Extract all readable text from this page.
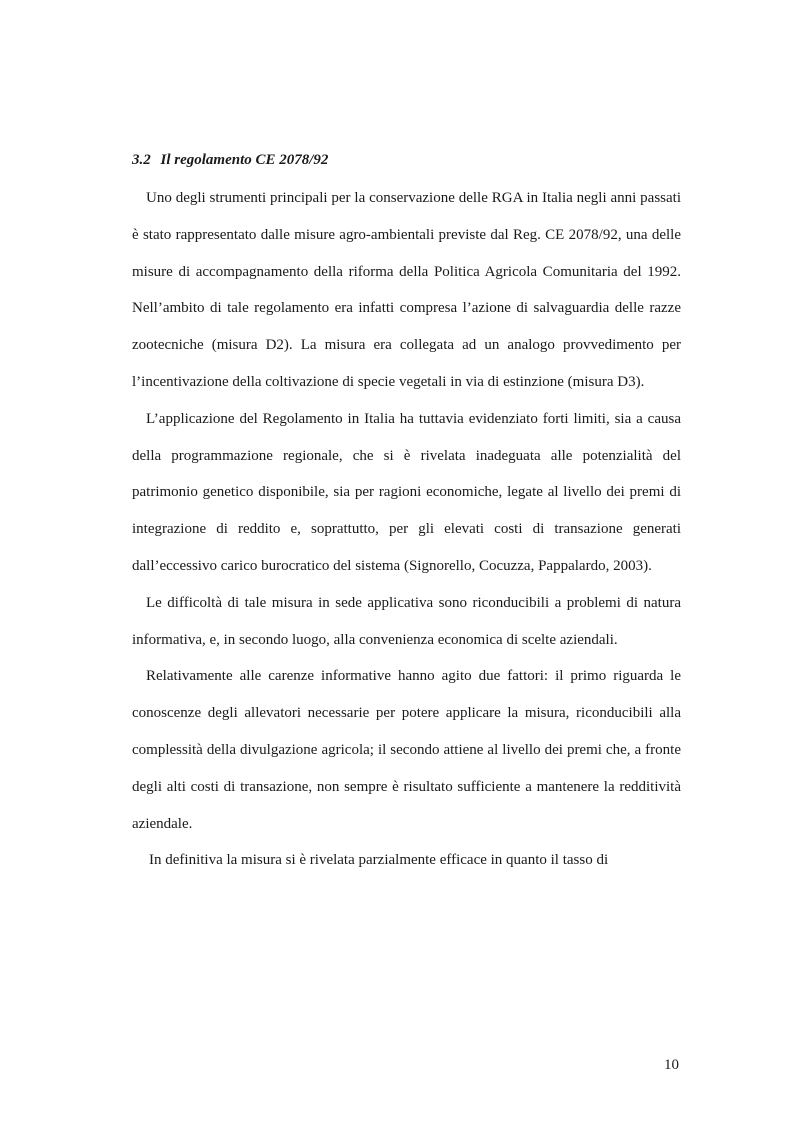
3.2 Il regolamento CE 2078/92

Uno degli strumenti principali per la conservazione delle RGA in Italia negli anni passati è stato rappresentato dalle misure agro-ambientali previste dal Reg. CE 2078/92, una delle misure di accompagnamento della riforma della Politica Agricola Comunitaria del 1992. Nell’ambito di tale regolamento era infatti compresa l’azione di salvaguardia delle razze zootecniche (misura D2). La misura era collegata ad un analogo provvedimento per l’incentivazione della coltivazione di specie vegetali in via di estinzione (misura D3).

L’applicazione del Regolamento in Italia ha tuttavia evidenziato forti limiti, sia a causa della programmazione regionale, che si è rivelata inadeguata alle potenzialità del patrimonio genetico disponibile, sia per ragioni economiche, legate al livello dei premi di integrazione di reddito e, soprattutto, per gli elevati costi di transazione generati dall’eccessivo carico burocratico del sistema (Signorello, Cocuzza, Pappalardo, 2003).

Le difficoltà di tale misura in sede applicativa sono riconducibili a problemi di natura informativa, e, in secondo luogo, alla convenienza economica di scelte aziendali.

Relativamente alle carenze informative hanno agito due fattori: il primo riguarda le conoscenze degli allevatori necessarie per potere applicare la misura, riconducibili alla complessità della divulgazione agricola; il secondo attiene al livello dei premi che, a fronte degli alti costi di transazione, non sempre è risultato sufficiente a mantenere la redditività aziendale.

In definitiva la misura si è rivelata parzialmente efficace in quanto il tasso di

10
